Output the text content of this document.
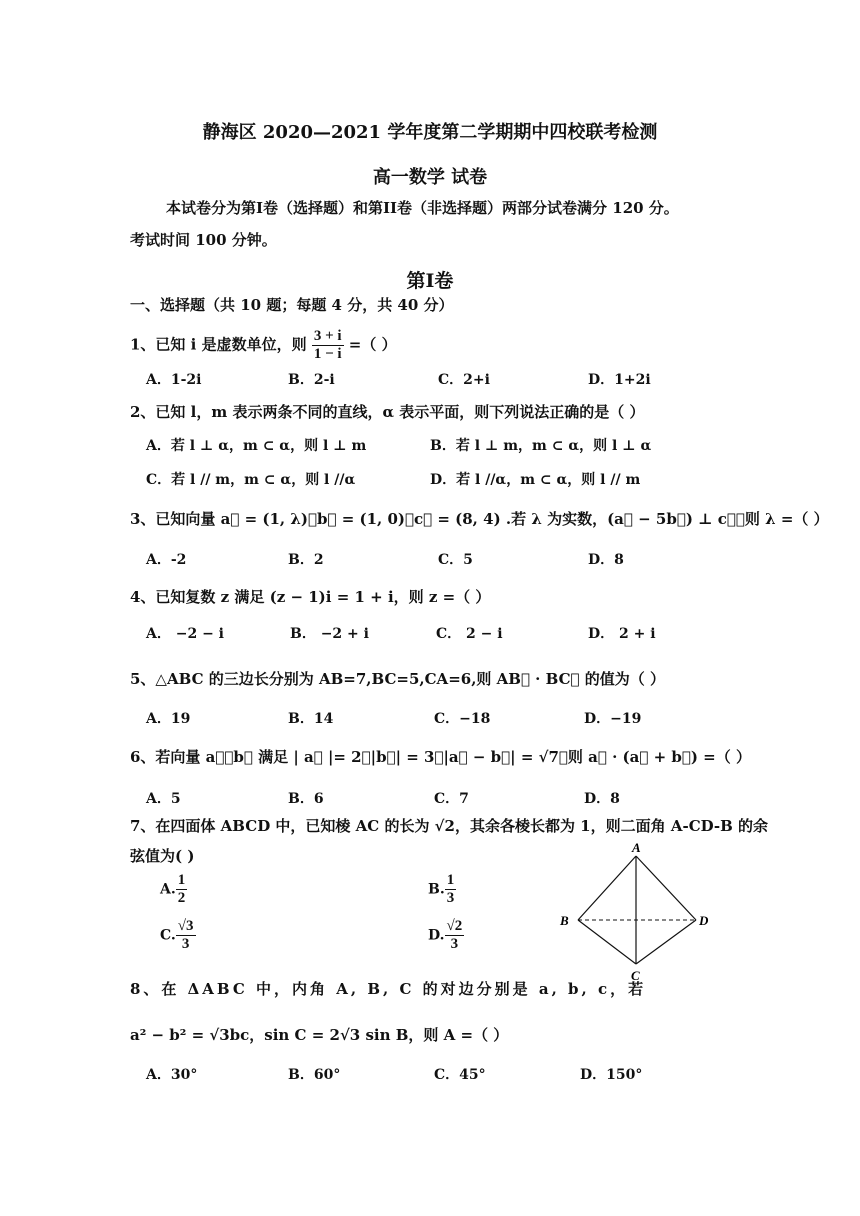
静海区 2020—2021 学年度第二学期期中四校联考检测
高一数学 试卷
本试卷分为第I卷（选择题）和第II卷（非选择题）两部分试卷满分 120 分。
考试时间 100 分钟。
第I卷
一、选择题（共 10 题；每题 4 分，共 40 分）
1、已知 i 是虚数单位，则 $\frac{3 + i}{1 - i}$ =（ ）
A．1-2i	B．2-i	C．2+i	D．1+2i
2、已知 l，m 表示两条不同的直线，α 表示平面，则下列说法正确的是（ ）
A．若 l ⊥ α，m ⊂ α，则 l ⊥ m	B．若 l ⊥ m，m ⊂ α，则 l ⊥ α
C．若 l // m，m ⊂ α，则 l //α	D．若 l //α，m ⊂ α，则 l // m
3、已知向量 a⃗ = (1, λ)，b⃗ = (1, 0)，c⃗ = (8, 4) .若 λ 为实数，(a⃗ − 5b⃗) ⊥ c⃗，则 λ =（ ）
A．-2	B．2	C．5	D．8
4、已知复数 z 满足 (z − 1)i = 1 + i，则 z =（ ）
A． −2 − i	B． −2 + i	C． 2 − i	D． 2 + i
5、△ABC 的三边长分别为 AB=7,BC=5,CA=6,则 AB⃗ · BC⃗ 的值为（ ）
A．19	B．14	C．−18	D．−19
6、若向量 a⃗，b⃗ 满足 | a⃗ |= 2，|b⃗| = 3，|a⃗ − b⃗| = √7，则 a⃗ · (a⃗ + b⃗) =（ ）
A．5	B．6	C．7	D．8
7、在四面体 ABCD 中，已知棱 AC 的长为 √2，其余各棱长都为 1，则二面角 A-CD-B 的余
弦值为( )
A. $\frac{1}{2}$	B. $\frac{1}{3}$
C. $\frac{√3}{3}$	D. $\frac{√2}{3}$
A
B
C
D
8、在 ΔABC 中，内角 A, B, C 的对边分别是 a, b, c，若
a² − b² = √3bc，sin C = 2√3 sin B，则 A =（ ）
A．30°	B．60°	C．45°	D．150°
